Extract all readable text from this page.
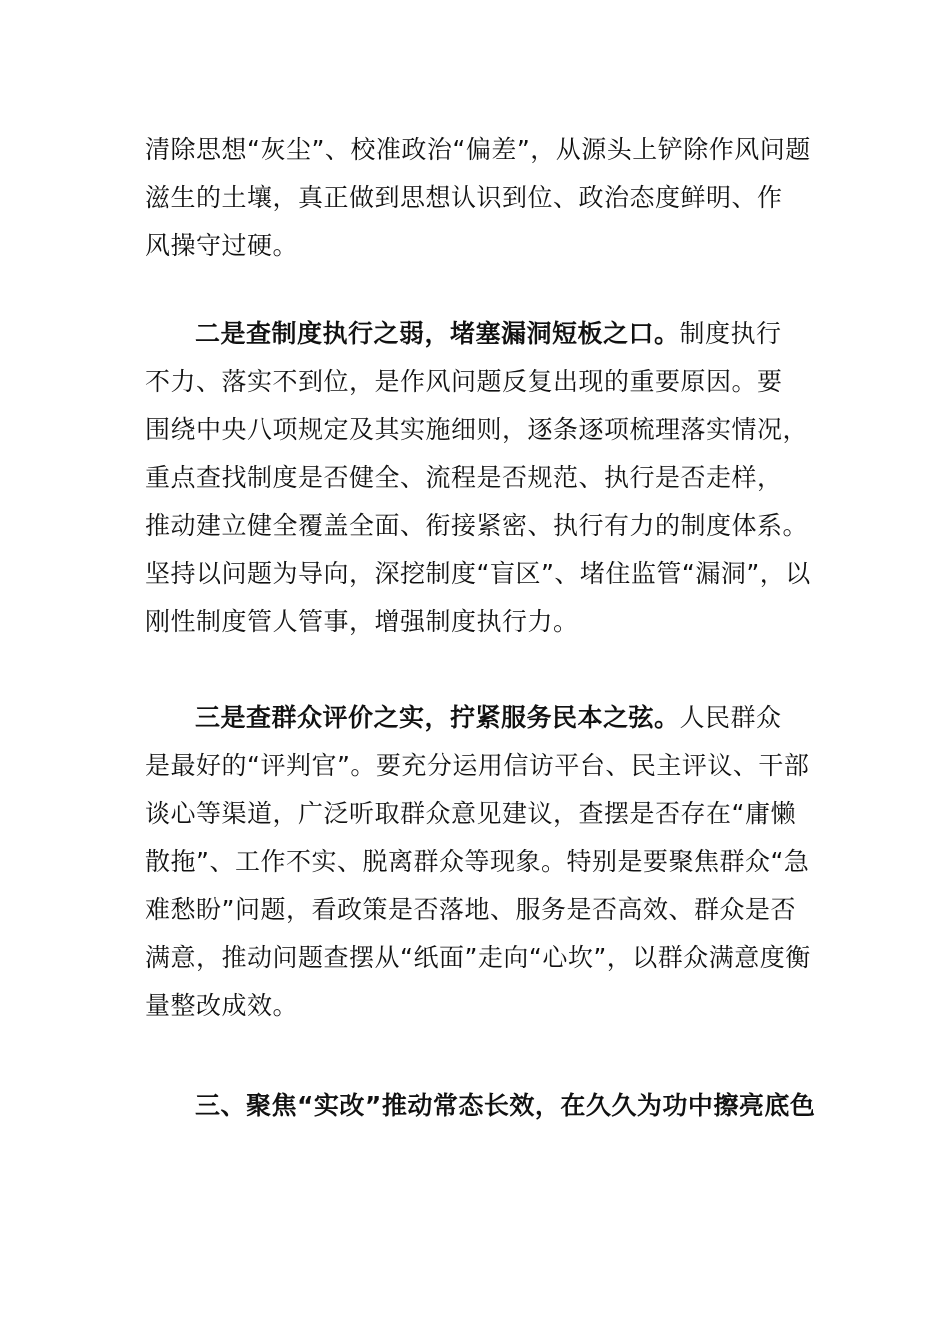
清除思想“灰尘”、校准政治“偏差”，从源头上铲除作风问题
滋生的土壤，真正做到思想认识到位、政治态度鲜明、作
风操守过硬。
二是查制度执行之弱，堵塞漏洞短板之口。制度执行
不力、落实不到位，是作风问题反复出现的重要原因。要
围绕中央八项规定及其实施细则，逐条逐项梳理落实情况，
重点查找制度是否健全、流程是否规范、执行是否走样，
推动建立健全覆盖全面、衔接紧密、执行有力的制度体系。
坚持以问题为导向，深挖制度“盲区”、堵住监管“漏洞”，以
刚性制度管人管事，增强制度执行力。
三是查群众评价之实，拧紧服务民本之弦。人民群众
是最好的“评判官”。要充分运用信访平台、民主评议、干部
谈心等渠道，广泛听取群众意见建议，查摆是否存在“庸懒
散拖”、工作不实、脱离群众等现象。特别是要聚焦群众“急
难愁盼”问题，看政策是否落地、服务是否高效、群众是否
满意，推动问题查摆从“纸面”走向“心坎”，以群众满意度衡
量整改成效。
三、聚焦“实改”推动常态长效，在久久为功中擦亮底色
